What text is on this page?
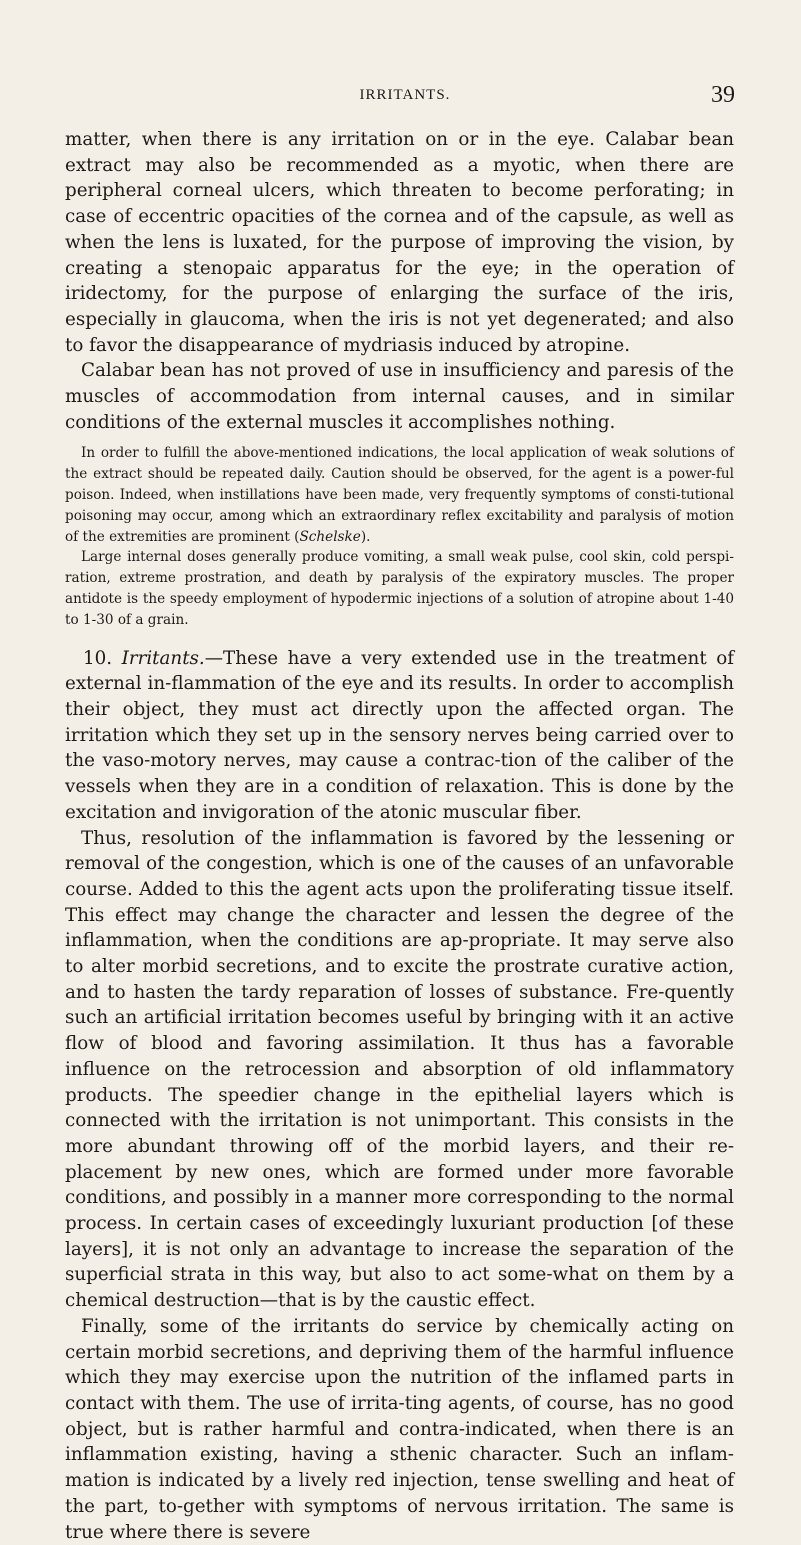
IRRITANTS.	39

matter, when there is any irritation on or in the eye. Calabar bean extract may also be recommended as a myotic, when there are peripheral corneal ulcers, which threaten to become perforating; in case of eccentric opacities of the cornea and of the capsule, as well as when the lens is luxated, for the purpose of improving the vision, by creating a stenopaic apparatus for the eye; in the operation of iridectomy, for the purpose of enlarging the surface of the iris, especially in glaucoma, when the iris is not yet degenerated; and also to favor the disappearance of mydriasis induced by atropine.

Calabar bean has not proved of use in insufficiency and paresis of the muscles of accommodation from internal causes, and in similar conditions of the external muscles it accomplishes nothing.

In order to fulfill the above-mentioned indications, the local application of weak solutions of the extract should be repeated daily. Caution should be observed, for the agent is a power-ful poison. Indeed, when instillations have been made, very frequently symptoms of consti-tutional poisoning may occur, among which an extraordinary reflex excitability and paralysis of motion of the extremities are prominent (Schelske).

Large internal doses generally produce vomiting, a small weak pulse, cool skin, cold perspi-ration, extreme prostration, and death by paralysis of the expiratory muscles. The proper antidote is the speedy employment of hypodermic injections of a solution of atropine about 1-40 to 1-30 of a grain.

10. Irritants.—These have a very extended use in the treatment of external in-flammation of the eye and its results. In order to accomplish their object, they must act directly upon the affected organ. The irritation which they set up in the sensory nerves being carried over to the vaso-motory nerves, may cause a contrac-tion of the caliber of the vessels when they are in a condition of relaxation. This is done by the excitation and invigoration of the atonic muscular fiber.

Thus, resolution of the inflammation is favored by the lessening or removal of the congestion, which is one of the causes of an unfavorable course. Added to this the agent acts upon the proliferating tissue itself. This effect may change the character and lessen the degree of the inflammation, when the conditions are ap-propriate. It may serve also to alter morbid secretions, and to excite the prostrate curative action, and to hasten the tardy reparation of losses of substance. Fre-quently such an artificial irritation becomes useful by bringing with it an active flow of blood and favoring assimilation. It thus has a favorable influence on the retrocession and absorption of old inflammatory products. The speedier change in the epithelial layers which is connected with the irritation is not unimportant. This consists in the more abundant throwing off of the morbid layers, and their re-placement by new ones, which are formed under more favorable conditions, and possibly in a manner more corresponding to the normal process. In certain cases of exceedingly luxuriant production [of these layers], it is not only an advantage to increase the separation of the superficial strata in this way, but also to act some-what on them by a chemical destruction—that is by the caustic effect.

Finally, some of the irritants do service by chemically acting on certain morbid secretions, and depriving them of the harmful influence which they may exercise upon the nutrition of the inflamed parts in contact with them. The use of irrita-ting agents, of course, has no good object, but is rather harmful and contra-indicated, when there is an inflammation existing, having a sthenic character. Such an inflam-mation is indicated by a lively red injection, tense swelling and heat of the part, to-gether with symptoms of nervous irritation. The same is true where there is severe
